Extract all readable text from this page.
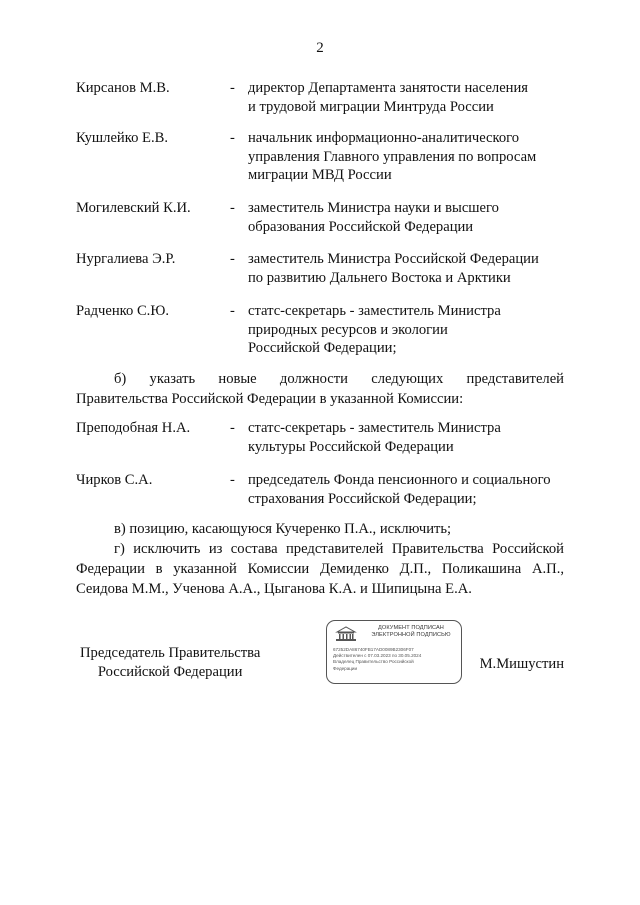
2
Кирсанов М.В.	- директор Департамента занятости населения
и трудовой миграции Минтруда России
Кушлейко Е.В.	- начальник информационно-аналитического
управления Главного управления по вопросам
миграции МВД России
Могилевский К.И.	- заместитель Министра науки и высшего
образования Российской Федерации
Нургалиева Э.Р.	- заместитель Министра Российской Федерации
по развитию Дальнего Востока и Арктики
Радченко С.Ю.	- статс-секретарь - заместитель Министра
природных ресурсов и экологии
Российской Федерации;
б) указать новые должности следующих представителей
Правительства Российской Федерации в указанной Комиссии:
Преподобная Н.А.	- статс-секретарь - заместитель Министра
культуры Российской Федерации
Чирков С.А.	- председатель Фонда пенсионного и социального
страхования Российской Федерации;
в) позицию, касающуюся Кучеренко П.А., исключить;
г) исключить из состава представителей Правительства Российской
Федерации в указанной Комиссии Демиденко Д.П., Поликашина А.П.,
Сеидова М.М., Ученова А.А., Цыганова К.А. и Шипицына Е.А.
Председатель Правительства
Российской Федерации
ДОКУМЕНТ ПОДПИСАН
ЭЛЕКТРОННОЙ ПОДПИСЬЮ
67252DA86740FB17AD0089B2306F07
Действителен с 07.03.2023 по 30.05.2024
Владелец Правительство Российской
Федерации	М.Мишустин
